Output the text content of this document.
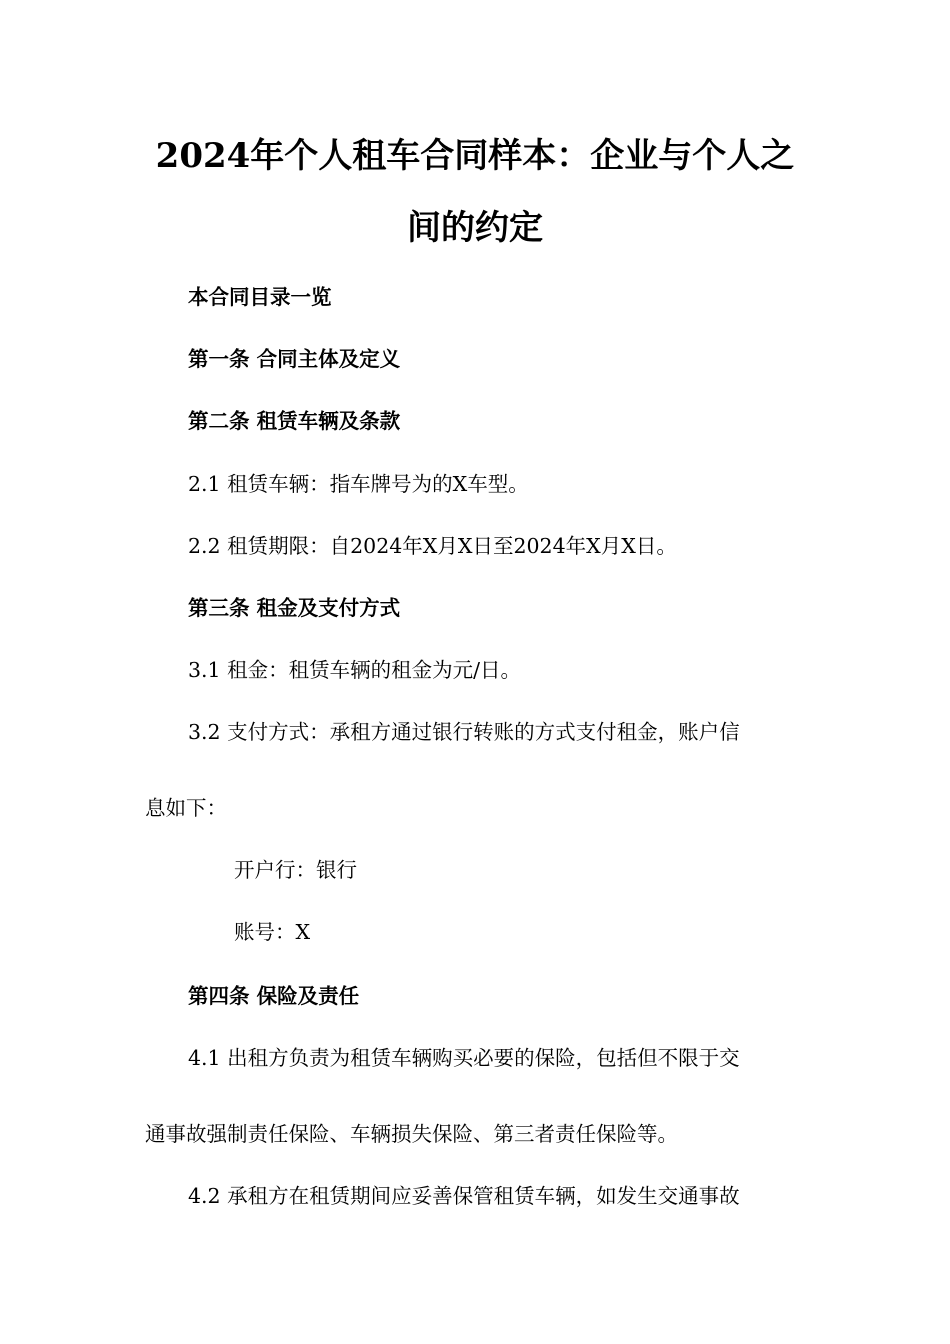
2024年个人租车合同样本：企业与个人之
间的约定
本合同目录一览
第一条 合同主体及定义
第二条 租赁车辆及条款
2.1 租赁车辆：指车牌号为的X车型。
2.2 租赁期限：自2024年X月X日至2024年X月X日。
第三条 租金及支付方式
3.1 租金：租赁车辆的租金为元/日。
3.2 支付方式：承租方通过银行转账的方式支付租金，账户信
息如下：
开户行：银行
账号：X
第四条 保险及责任
4.1 出租方负责为租赁车辆购买必要的保险，包括但不限于交
通事故强制责任保险、车辆损失保险、第三者责任保险等。
4.2 承租方在租赁期间应妥善保管租赁车辆，如发生交通事故
